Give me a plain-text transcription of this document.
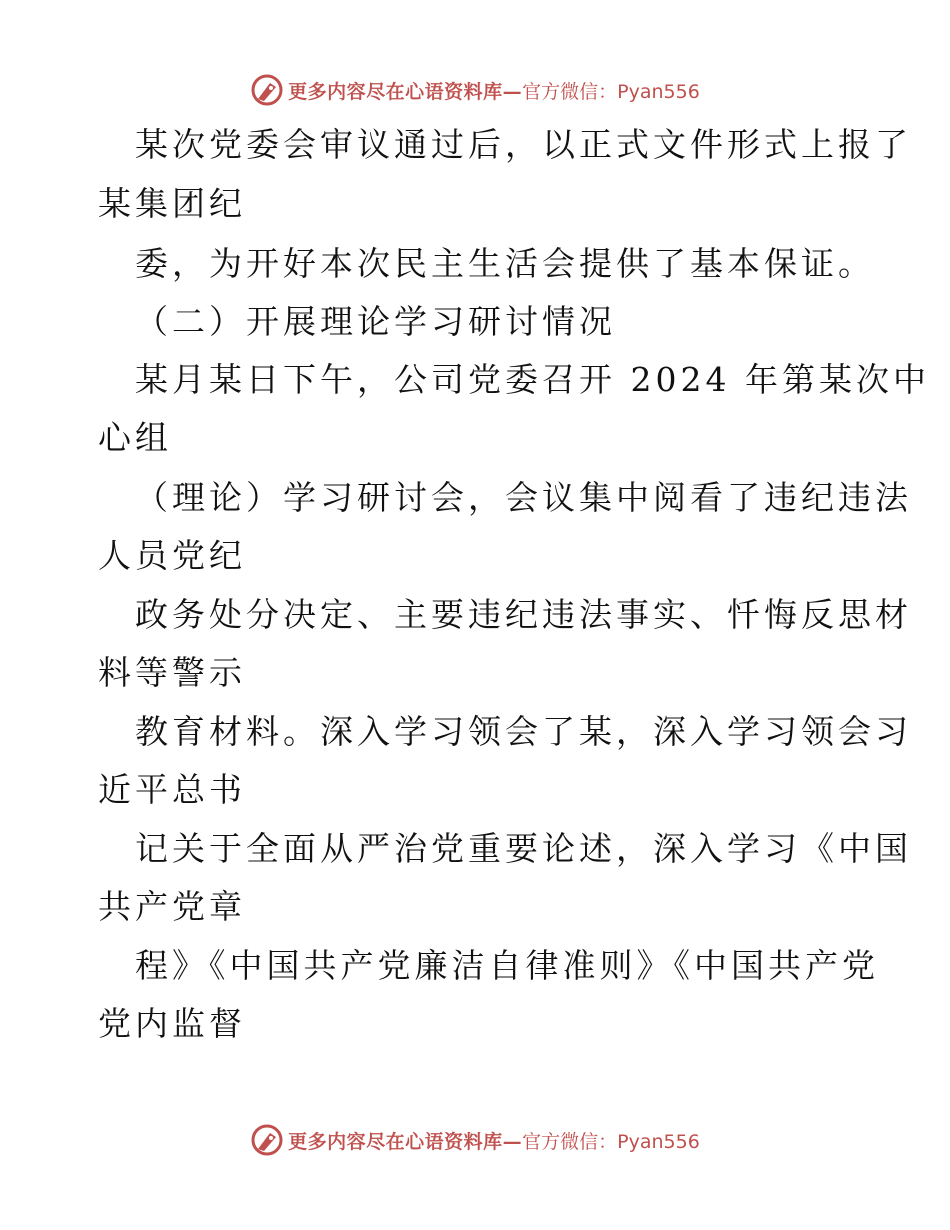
更多内容尽在心语资料库— 官方微信：Pyan556
某次党委会审议通过后，以正式文件形式上报了
某集团纪
委，为开好本次民主生活会提供了基本保证。
（二）开展理论学习研讨情况
某月某日下午，公司党委召开 2024 年第某次中
心组
（理论）学习研讨会，会议集中阅看了违纪违法
人员党纪
政务处分决定、主要违纪违法事实、忏悔反思材
料等警示
教育材料。深入学习领会了某，深入学习领会习
近平总书
记关于全面从严治党重要论述，深入学习《中国
共产党章
程》《中国共产党廉洁自律准则》《中国共产党
党内监督
更多内容尽在心语资料库— 官方微信：Pyan556
